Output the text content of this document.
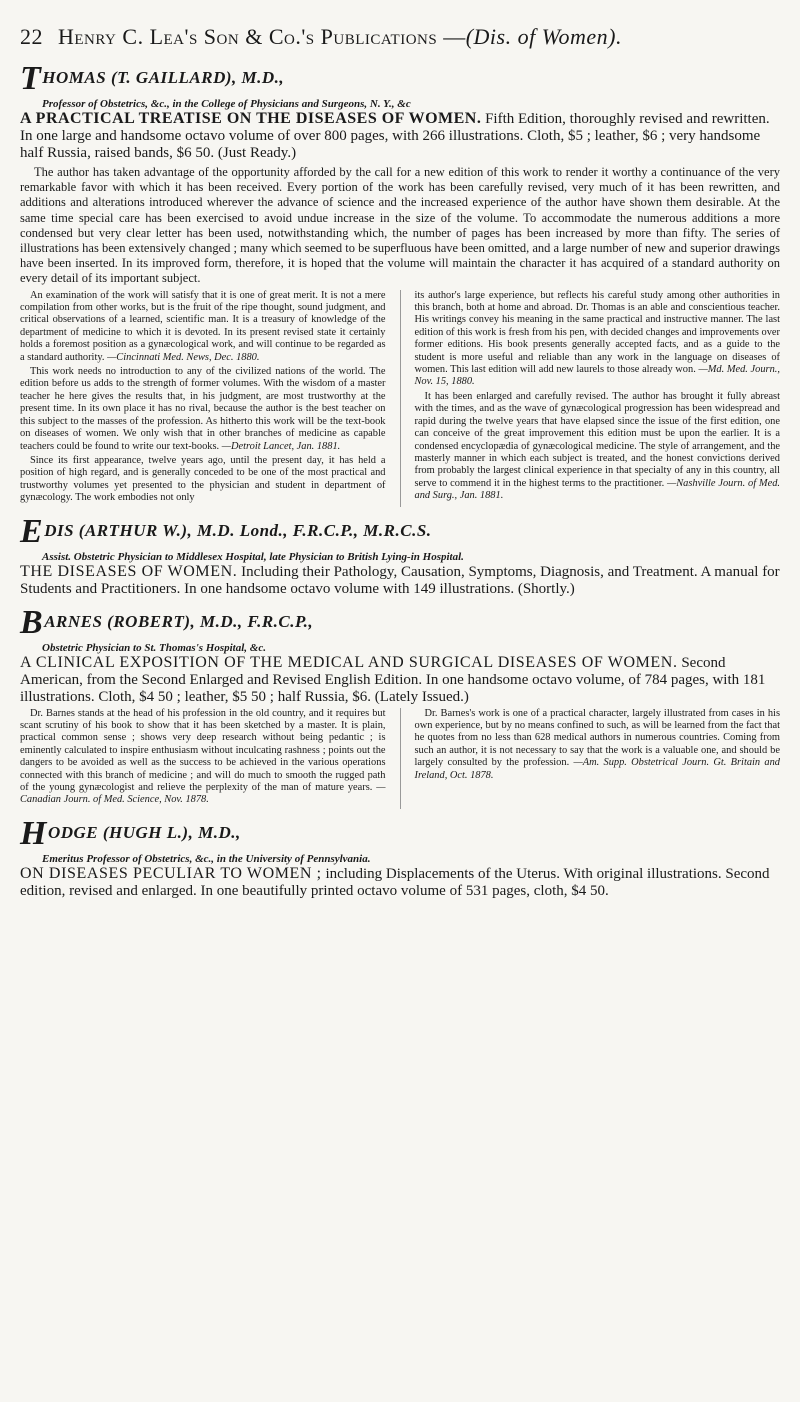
22 Henry C. Lea's Son & Co.'s Publications — (Dis. of Women).
THOMAS (T. GAILLARD), M.D.,
Professor of Obstetrics, &c., in the College of Physicians and Surgeons, N. Y., &c
A PRACTICAL TREATISE ON THE DISEASES OF WOMEN. Fifth Edition, thoroughly revised and rewritten. In one large and handsome octavo volume of over 800 pages, with 266 illustrations. Cloth, $5 ; leather, $6 ; very handsome half Russia, raised bands, $6 50. (Just Ready.)

The author has taken advantage of the opportunity afforded by the call for a new edition of this work to render it worthy a continuance of the very remarkable favor with which it has been received. Every portion of the work has been carefully revised, very much of it has been rewritten, and additions and alterations introduced wherever the advance of science and the increased experience of the author have shown them desirable. At the same time special care has been exercised to avoid undue increase in the size of the volume. To accommodate the numerous additions a more condensed but very clear letter has been used, notwithstanding which, the number of pages has been increased by more than fifty. The series of illustrations has been extensively changed ; many which seemed to be superfluous have been omitted, and a large number of new and superior drawings have been inserted. In its improved form, therefore, it is hoped that the volume will maintain the character it has acquired of a standard authority on every detail of its important subject.

An examination of the work will satisfy that it is one of great merit. It is not a mere compilation from other works, but is the fruit of the ripe thought, sound judgment, and critical observations of a learned, scientific man. It is a treasury of knowledge of the department of medicine to which it is devoted. In its present revised state it certainly holds a foremost position as a gynæcological work, and will continue to be regarded as a standard authority. —Cincinnati Med. News, Dec. 1880.

This work needs no introduction to any of the civilized nations of the world. The edition before us adds to the strength of former volumes. With the wisdom of a master teacher he here gives the results that, in his judgment, are most trustworthy at the present time. In its own place it has no rival, because the author is the best teacher on this subject to the masses of the profession. As hitherto this work will be the text-book on diseases of women. We only wish that in other branches of medicine as capable teachers could be found to write our text-books. —Detroit Lancet, Jan. 1881.

Since its first appearance, twelve years ago, until the present day, it has held a position of high regard, and is generally conceded to be one of the most practical and trustworthy volumes yet presented to the physician and student in department of gynæcology. The work embodies not only

its author's large experience, but reflects his careful study among other authorities in this branch, both at home and abroad. Dr. Thomas is an able and conscientious teacher. His writings convey his meaning in the same practical and instructive manner. The last edition of this work is fresh from his pen, with decided changes and improvements over former editions. His book presents generally accepted facts, and as a guide to the student is more useful and reliable than any work in the language on diseases of women. This last edition will add new laurels to those already won. —Md. Med. Journ., Nov. 15, 1880.

It has been enlarged and carefully revised. The author has brought it fully abreast with the times, and as the wave of gynæcological progression has been widespread and rapid during the twelve years that have elapsed since the issue of the first edition, one can conceive of the great improvement this edition must be upon the earlier. It is a condensed encyclopædia of gynæcological medicine. The style of arrangement, and the masterly manner in which each subject is treated, and the honest convictions derived from probably the largest clinical experience in that specialty of any in this country, all serve to commend it in the highest terms to the practitioner. —Nashville Journ. of Med. and Surg., Jan. 1881.

EDIS (ARTHUR W.), M.D. Lond., F.R.C.P., M.R.C.S.
Assist. Obstetric Physician to Middlesex Hospital, late Physician to British Lying-in Hospital.
THE DISEASES OF WOMEN. Including their Pathology, Causation, Symptoms, Diagnosis, and Treatment. A manual for Students and Practitioners. In one handsome octavo volume with 149 illustrations. (Shortly.)
BARNES (ROBERT), M.D., F.R.C.P.,
Obstetric Physician to St. Thomas's Hospital, &c.
A CLINICAL EXPOSITION OF THE MEDICAL AND SURGICAL DISEASES OF WOMEN. Second American, from the Second Enlarged and Revised English Edition. In one handsome octavo volume, of 784 pages, with 181 illustrations. Cloth, $4 50 ; leather, $5 50 ; half Russia, $6. (Lately Issued.)

Dr. Barnes stands at the head of his profession in the old country, and it requires but scant scrutiny of his book to show that it has been sketched by a master. It is plain, practical common sense ; shows very deep research without being pedantic ; is eminently calculated to inspire enthusiasm without inculcating rashness ; points out the dangers to be avoided as well as the success to be achieved in the various operations connected with this branch of medicine ; and will do much to smooth the rugged path of the young gynæcologist and relieve the perplexity of the man of mature years. —Canadian Journ. of Med. Science, Nov. 1878.

Dr. Barnes's work is one of a practical character, largely illustrated from cases in his own experience, but by no means confined to such, as will be learned from the fact that he quotes from no less than 628 medical authors in numerous countries. Coming from such an author, it is not necessary to say that the work is a valuable one, and should be largely consulted by the profession. —Am. Supp. Obstetrical Journ. Gt. Britain and Ireland, Oct. 1878.

HODGE (HUGH L.), M.D.,
Emeritus Professor of Obstetrics, &c., in the University of Pennsylvania.
ON DISEASES PECULIAR TO WOMEN ; including Displacements of the Uterus. With original illustrations. Second edition, revised and enlarged. In one beautifully printed octavo volume of 531 pages, cloth, $4 50.
